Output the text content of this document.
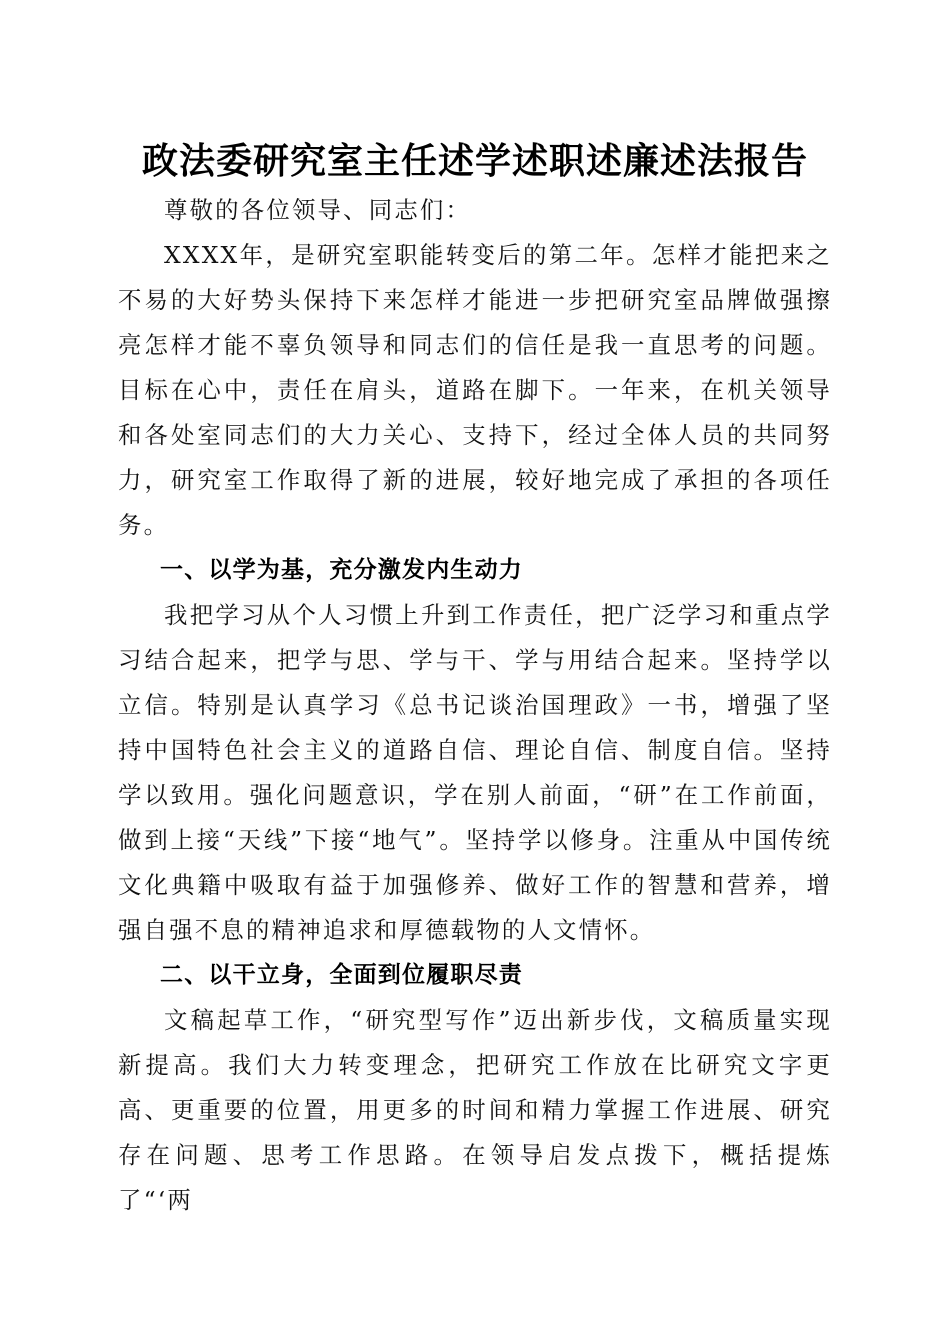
政法委研究室主任述学述职述廉述法报告

尊敬的各位领导、同志们：

XXXX年，是研究室职能转变后的第二年。怎样才能把来之不易的大好势头保持下来怎样才能进一步把研究室品牌做强擦亮怎样才能不辜负领导和同志们的信任是我一直思考的问题。目标在心中，责任在肩头，道路在脚下。一年来，在机关领导和各处室同志们的大力关心、支持下，经过全体人员的共同努力，研究室工作取得了新的进展，较好地完成了承担的各项任务。

一、以学为基，充分激发内生动力

我把学习从个人习惯上升到工作责任，把广泛学习和重点学习结合起来，把学与思、学与干、学与用结合起来。坚持学以立信。特别是认真学习《总书记谈治国理政》一书，增强了坚持中国特色社会主义的道路自信、理论自信、制度自信。坚持学以致用。强化问题意识，学在别人前面，“研”在工作前面，做到上接“天线”下接“地气”。坚持学以修身。注重从中国传统文化典籍中吸取有益于加强修养、做好工作的智慧和营养，增强自强不息的精神追求和厚德载物的人文情怀。

二、以干立身，全面到位履职尽责

文稿起草工作，“研究型写作”迈出新步伐，文稿质量实现新提高。我们大力转变理念，把研究工作放在比研究文字更高、更重要的位置，用更多的时间和精力掌握工作进展、研究存在问题、思考工作思路。在领导启发点拨下，概括提炼了“‘两
